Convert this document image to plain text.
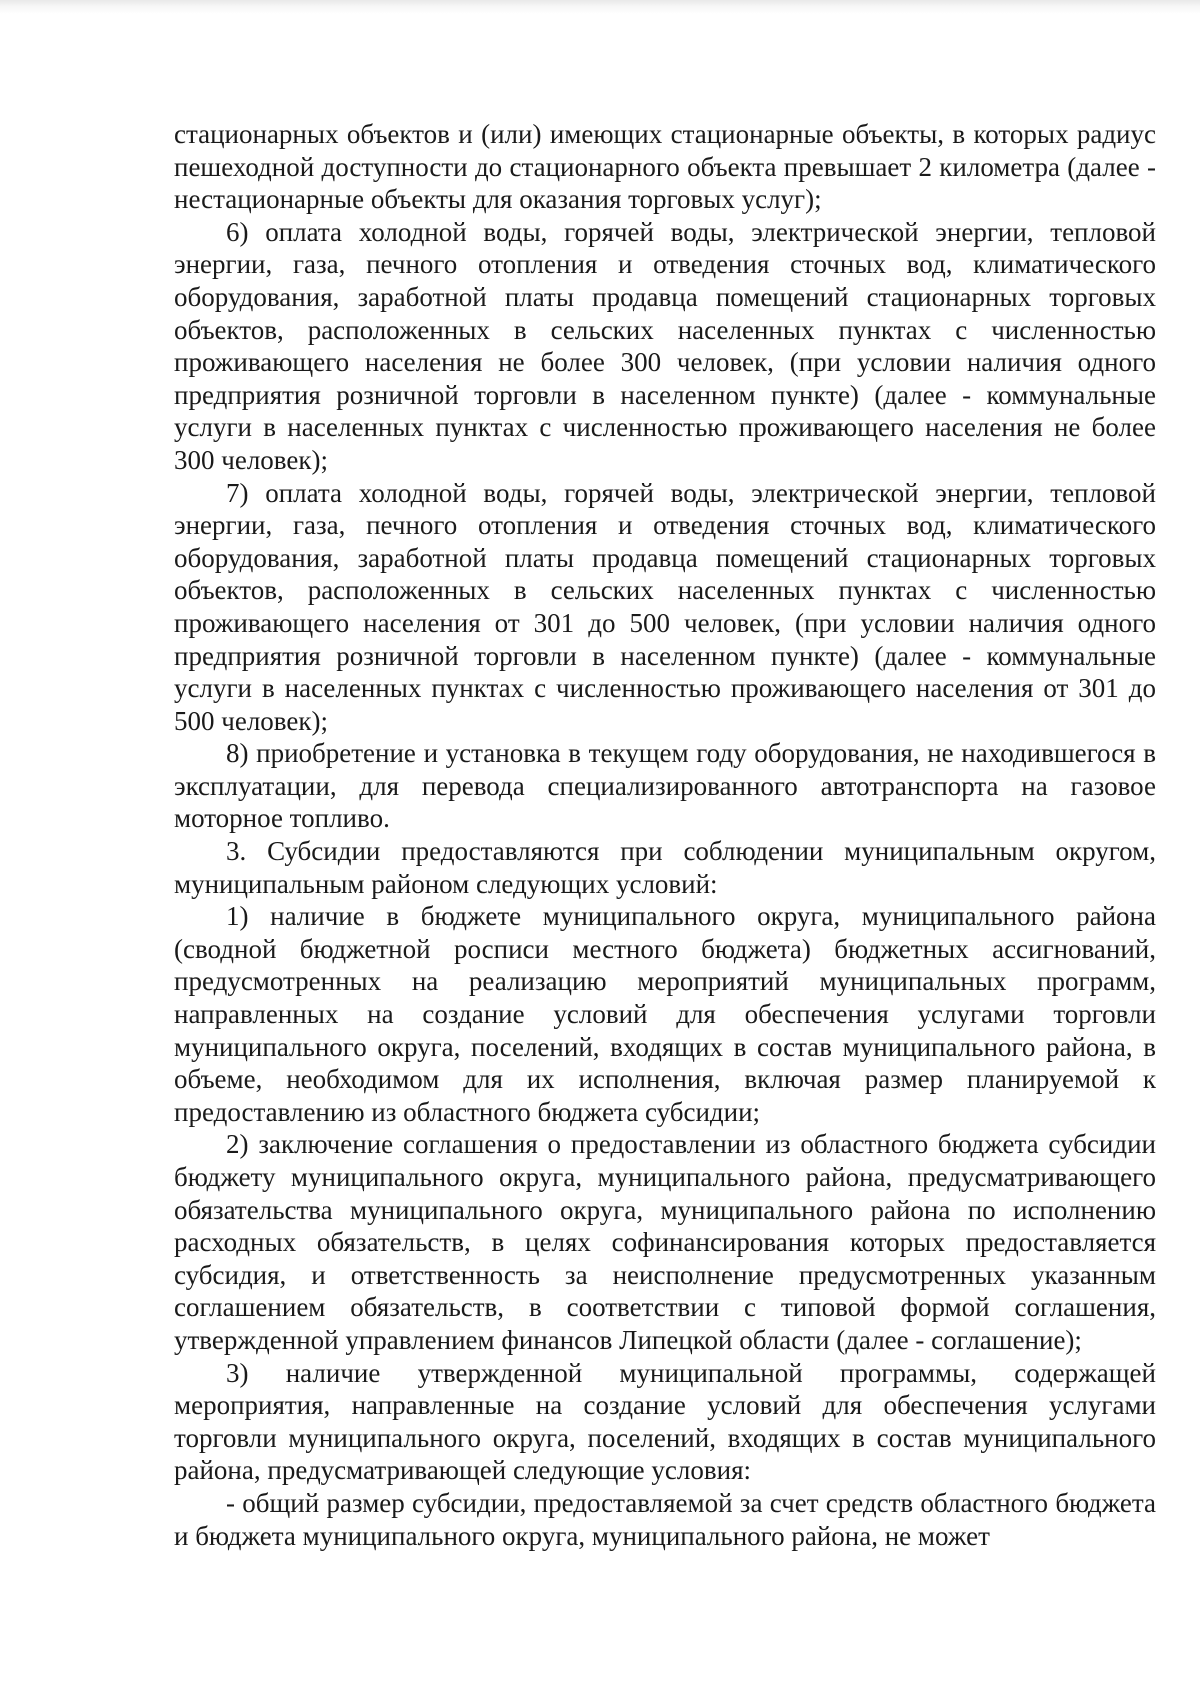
стационарных объектов и (или) имеющих стационарные объекты, в которых радиус пешеходной доступности до стационарного объекта превышает 2 километра (далее - нестационарные объекты для оказания торговых услуг);

6) оплата холодной воды, горячей воды, электрической энергии, тепловой энергии, газа, печного отопления и отведения сточных вод, климатического оборудования, заработной платы продавца помещений стационарных торговых объектов, расположенных в сельских населенных пунктах с численностью проживающего населения не более 300 человек, (при условии наличия одного предприятия розничной торговли в населенном пункте) (далее - коммунальные услуги в населенных пунктах с численностью проживающего населения не более 300 человек);

7) оплата холодной воды, горячей воды, электрической энергии, тепловой энергии, газа, печного отопления и отведения сточных вод, климатического оборудования, заработной платы продавца помещений стационарных торговых объектов, расположенных в сельских населенных пунктах с численностью проживающего населения от 301 до 500 человек, (при условии наличия одного предприятия розничной торговли в населенном пункте) (далее - коммунальные услуги в населенных пунктах с численностью проживающего населения от 301 до 500 человек);

8) приобретение и установка в текущем году оборудования, не находившегося в эксплуатации, для перевода специализированного автотранспорта на газовое моторное топливо.

3. Субсидии предоставляются при соблюдении муниципальным округом, муниципальным районом следующих условий:

1) наличие в бюджете муниципального округа, муниципального района (сводной бюджетной росписи местного бюджета) бюджетных ассигнований, предусмотренных на реализацию мероприятий муниципальных программ, направленных на создание условий для обеспечения услугами торговли муниципального округа, поселений, входящих в состав муниципального района, в объеме, необходимом для их исполнения, включая размер планируемой к предоставлению из областного бюджета субсидии;

2) заключение соглашения о предоставлении из областного бюджета субсидии бюджету муниципального округа, муниципального района, предусматривающего обязательства муниципального округа, муниципального района по исполнению расходных обязательств, в целях софинансирования которых предоставляется субсидия, и ответственность за неисполнение предусмотренных указанным соглашением обязательств, в соответствии с типовой формой соглашения, утвержденной управлением финансов Липецкой области (далее - соглашение);

3) наличие утвержденной муниципальной программы, содержащей мероприятия, направленные на создание условий для обеспечения услугами торговли муниципального округа, поселений, входящих в состав муниципального района, предусматривающей следующие условия:

- общий размер субсидии, предоставляемой за счет средств областного бюджета и бюджета муниципального округа, муниципального района, не может
